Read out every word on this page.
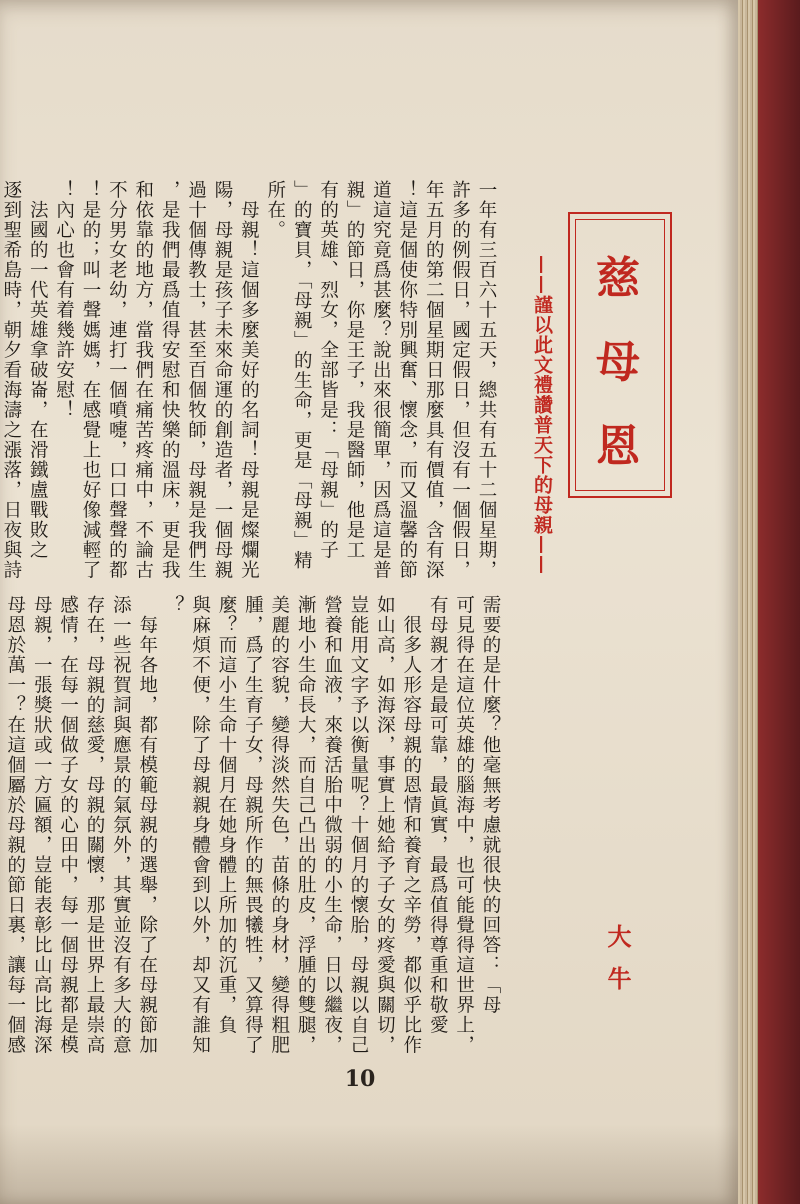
一年有三百六十五天，總共有五十二個星期，
許多的例假日，國定假日，但沒有一個假日，
年五月的第二個星期日那麼具有價值，含有深
！這是個使你特別興奮、懷念，而又溫馨的節
道這究竟爲甚麼？說出來很簡單，因爲這是普
親」的節日，你是王子，我是醫師，他是工
有的英雄、烈女，全部皆是：「母親」的子
」的寶貝，「母親」的生命，更是「母親」精
所在。
　母親！這個多麼美好的名詞！母親是燦爛光
陽，母親是孩子未來命運的創造者，一個母親
過十個傳教士，甚至百個牧師，母親是我們生
，是我們最爲值得安慰和快樂的溫床，更是我
和依靠的地方，當我們在痛苦疼痛中，不論古
不分男女老幼，連打一個噴嚏，口口聲聲的都
！是的；叫一聲媽媽，在感覺上也好像減輕了
！內心也會有着幾許安慰！
　法國的一代英雄拿破崙，在滑鐵盧戰敗之
逐到聖希島時，朝夕看海濤之漲落，日夜與詩
慈
母
恩
——謹以此文禮讚普天下的母親——
需要的是什麼？他毫無考慮就很快的回答：「母
可見得在這位英雄的腦海中，也可能覺得這世界上，
有母親才是最可靠，最眞實，最爲值得尊重和敬愛
　很多人形容母親的恩情和養育之辛勞，都似乎比作
如山高，如海深，事實上她給予子女的疼愛與關切，
豈能用文字予以衡量呢？十個月的懷胎，母親以自己
營養和血液，來養活胎中微弱的小生命，日以繼夜，
漸地小生命長大，而自己凸出的肚皮，浮腫的雙腿，
美麗的容貌，變得淡然失色，苗條的身材，變得粗肥
腫，爲了生育子女，母親所作的無畏犧牲，又算得了
麼？而這小生命十個月在她身體上所加的沉重，負
與麻煩不便，除了母親親身體會到以外，却又有誰知
？
　每年各地，都有模範母親的選舉，除了在母親節加
添一些祝賀詞與應景的氣氛外，其實並沒有多大的意
存在，母親的慈愛，母親的關懷，那是世界上最崇高
感情，在每一個做子女的心田中，每一個母親都是模
母親，一張獎狀或一方匾額，豈能表彰比山高比海深
母恩於萬一？在這個屬於母親的節日裏，讓每一個感
大牛
10
